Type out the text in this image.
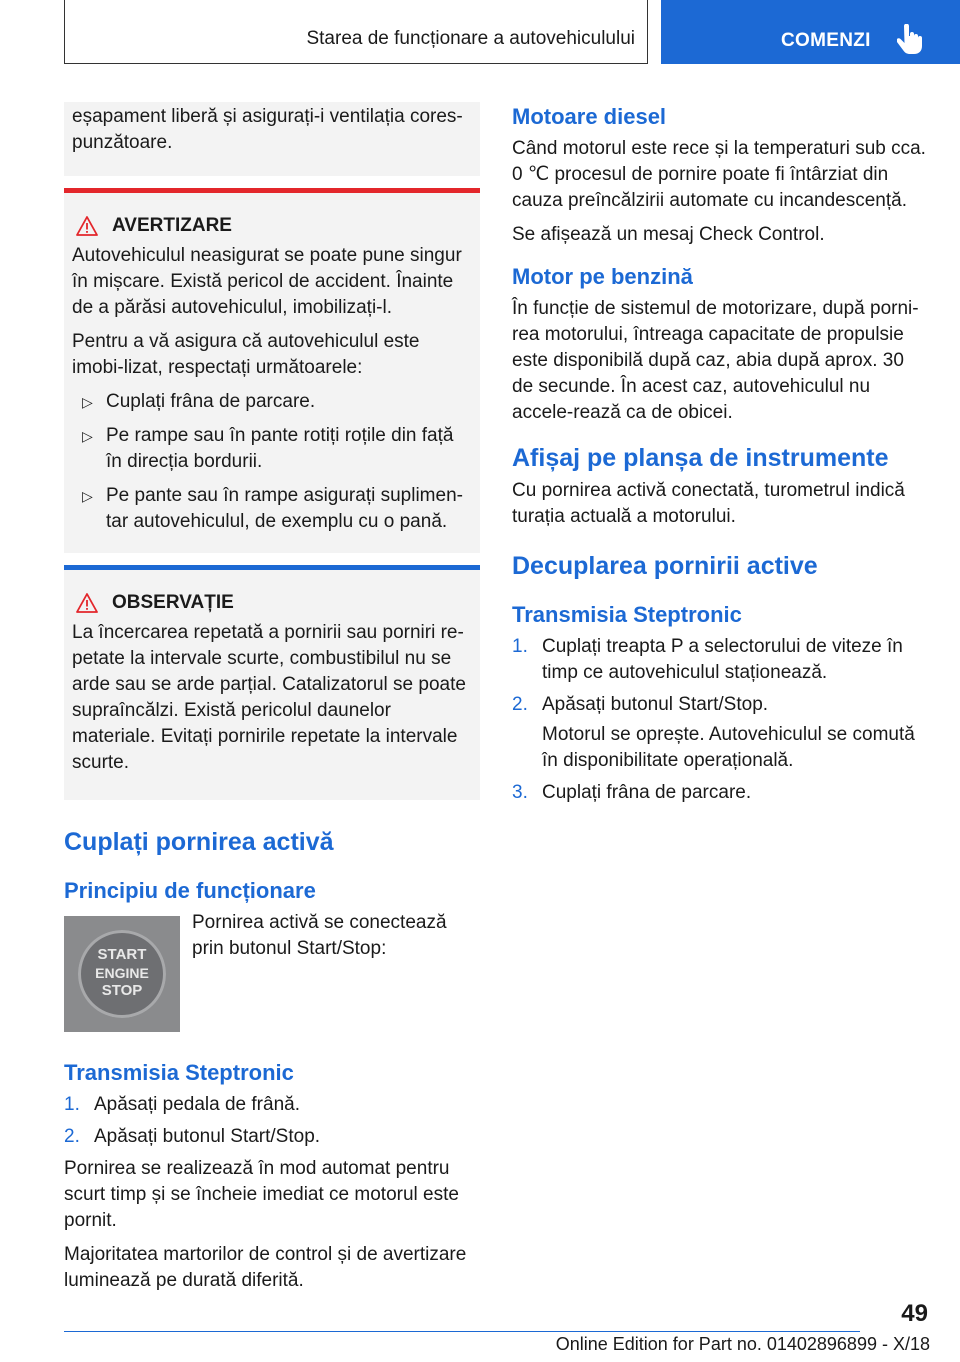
Starea de funcționare a autovehiculului	COMENZI

eșapament liberă și asigurați-i ventilația cores-punzătoare.

AVERTIZARE

Autovehiculul neasigurat se poate pune singur în mișcare. Există pericol de accident. Înainte de a părăsi autovehiculul, imobilizați-l.

Pentru a vă asigura că autovehiculul este imobi-lizat, respectați următoarele:

▷ Cuplați frâna de parcare.

▷ Pe rampe sau în pante rotiți roțile din față în direcția bordurii.

▷ Pe pante sau în rampe asigurați suplimen-tar autovehiculul, de exemplu cu o pană.

OBSERVAȚIE

La încercarea repetată a pornirii sau porniri re-petate la intervale scurte, combustibilul nu se arde sau se arde parțial. Catalizatorul se poate supraîncălzi. Există pericolul daunelor materiale. Evitați pornirile repetate la intervale scurte.

Cuplați pornirea activă
Principiu de funcționare
START
ENGINE
STOP

Pornirea activă se conectează prin butonul Start/Stop:

Transmisia Steptronic

1. Apăsați pedala de frână.

2. Apăsați butonul Start/Stop.

Pornirea se realizează în mod automat pentru scurt timp și se încheie imediat ce motorul este pornit.

Majoritatea martorilor de control și de avertizare luminează pe durată diferită.

Motoare diesel

Când motorul este rece și la temperaturi sub cca. 0 ℃ procesul de pornire poate fi întârziat din cauza preîncălzirii automate cu incandescență.

Se afișează un mesaj Check Control.

Motor pe benzină

În funcție de sistemul de motorizare, după porni-rea motorului, întreaga capacitate de propulsie este disponibilă după caz, abia după aprox. 30 de secunde. În acest caz, autovehiculul nu accele-rează ca de obicei.

Afișaj pe planșa de instrumente

Cu pornirea activă conectată, turometrul indică turația actuală a motorului.

Decuplarea pornirii active
Transmisia Steptronic

1. Cuplați treapta P a selectorului de viteze în timp ce autovehiculul staționează.

2. Apăsați butonul Start/Stop.

Motorul se oprește. Autovehiculul se comută în disponibilitate operațională.

3. Cuplați frâna de parcare.

49
Online Edition for Part no. 01402896899 - X/18
